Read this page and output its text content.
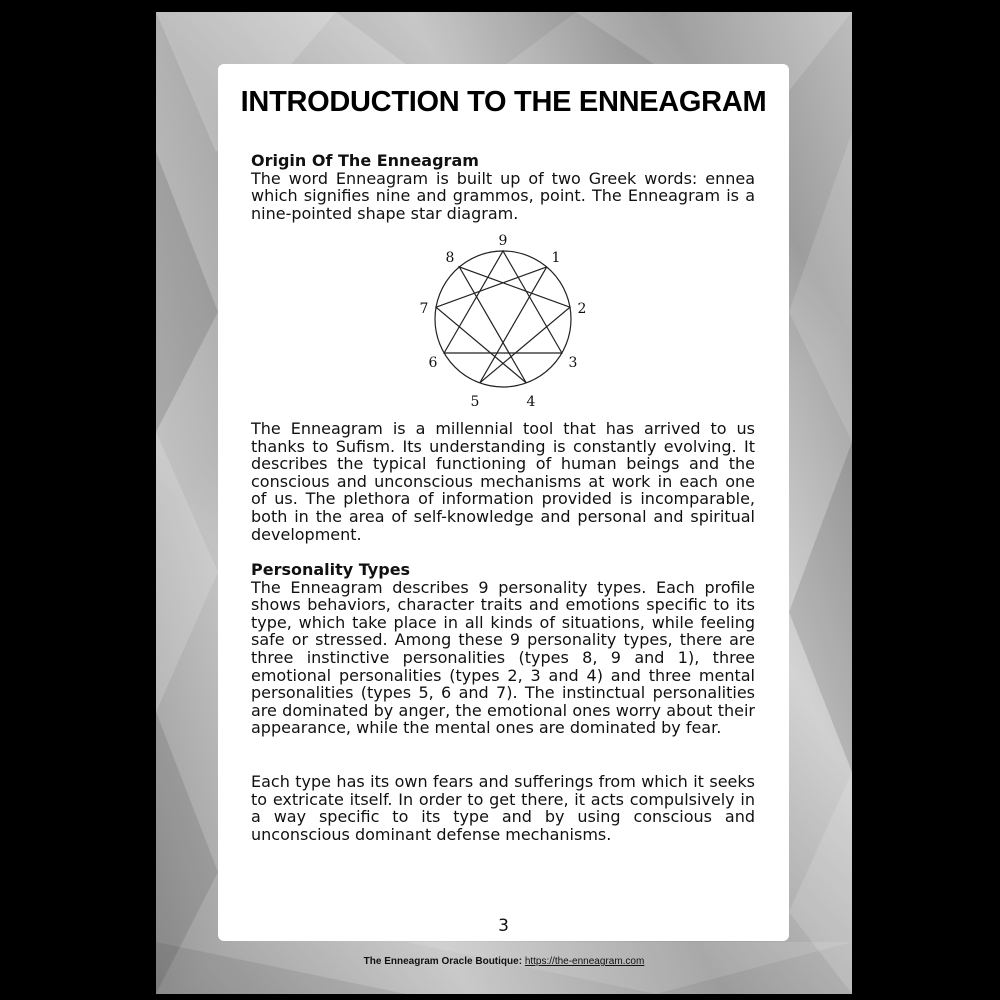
INTRODUCTION TO THE ENNEAGRAM
Origin Of The Enneagram
The word Enneagram is built up of two Greek words: ennea which signifies nine and grammos, point. The Enneagram is a nine-pointed shape star diagram.
9
1
2
3
4
5
6
7
8

The Enneagram is a millennial tool that has arrived to us thanks to Sufism. Its understanding is constantly evolving. It describes the typical functioning of human beings and the conscious and unconscious mechanisms at work in each one of us. The plethora of information provided is incomparable, both in the area of self-knowledge and personal and spiritual development.

Personality Types
The Enneagram describes 9 personality types. Each profile shows behaviors, character traits and emotions specific to its type, which take place in all kinds of situations, while feeling safe or stressed. Among these 9 personality types, there are three instinctive personalities (types 8, 9 and 1), three emotional personalities (types 2, 3 and 4) and three mental personalities (types 5, 6 and 7). The instinctual personalities are dominated by anger, the emotional ones worry about their appearance, while the mental ones are dominated by fear.

Each type has its own fears and sufferings from which it seeks to extricate itself. In order to get there, it acts compulsively in a way specific to its type and by using conscious and unconscious dominant defense mechanisms.

3
The Enneagram Oracle Boutique: https://the-enneagram.com
